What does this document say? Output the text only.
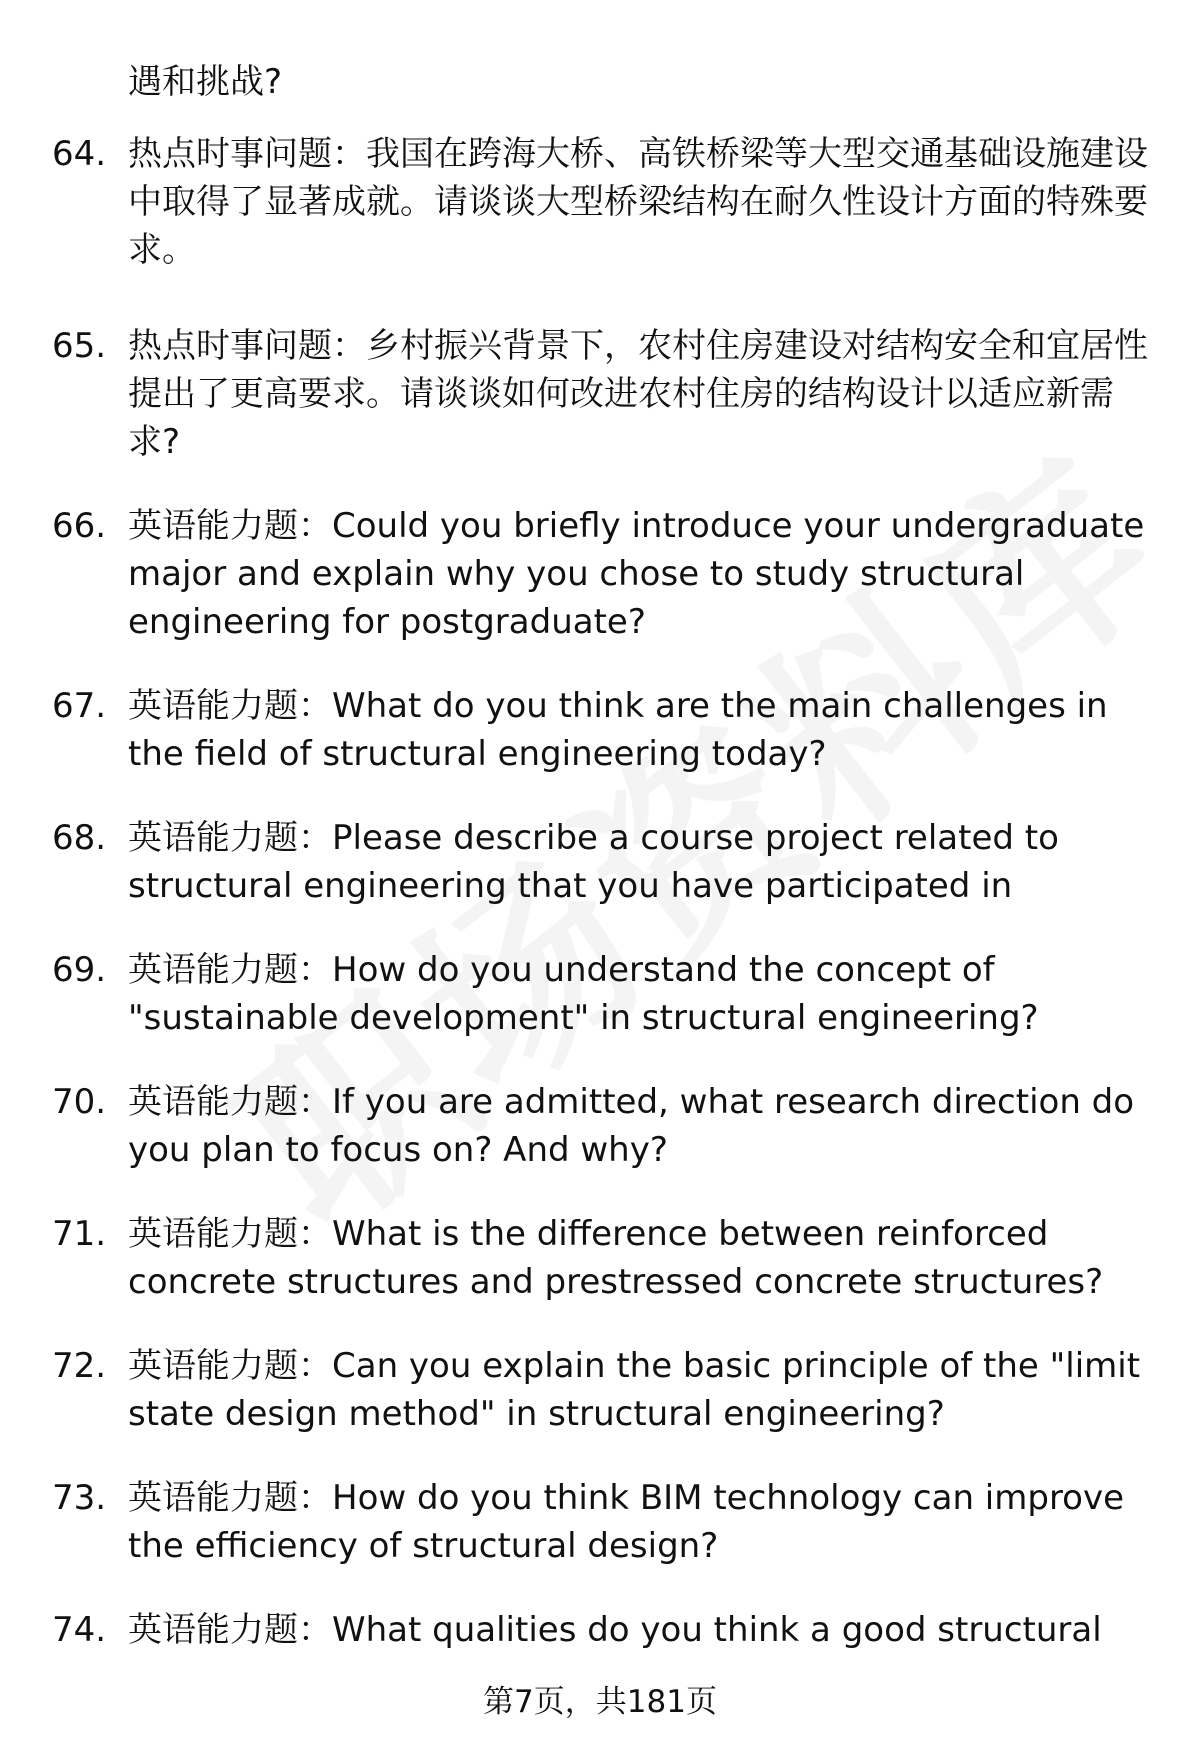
遇和挑战?
64. 热点时事问题：我国在跨海大桥、高铁桥梁等大型交通基础设施建设中取得了显著成就。请谈谈大型桥梁结构在耐久性设计方面的特殊要求。
65. 热点时事问题：乡村振兴背景下，农村住房建设对结构安全和宜居性提出了更高要求。请谈谈如何改进农村住房的结构设计以适应新需求?
66. 英语能力题：Could you briefly introduce your undergraduate major and explain why you chose to study structural engineering for postgraduate?
67. 英语能力题：What do you think are the main challenges in the field of structural engineering today?
68. 英语能力题：Please describe a course project related to structural engineering that you have participated in
69. 英语能力题：How do you understand the concept of "sustainable development" in structural engineering?
70. 英语能力题：If you are admitted, what research direction do you plan to focus on? And why?
71. 英语能力题：What is the difference between reinforced concrete structures and prestressed concrete structures?
72. 英语能力题：Can you explain the basic principle of the "limit state design method" in structural engineering?
73. 英语能力题：How do you think BIM technology can improve the efficiency of structural design?
74. 英语能力题：What qualities do you think a good structural
第7页，共181页
